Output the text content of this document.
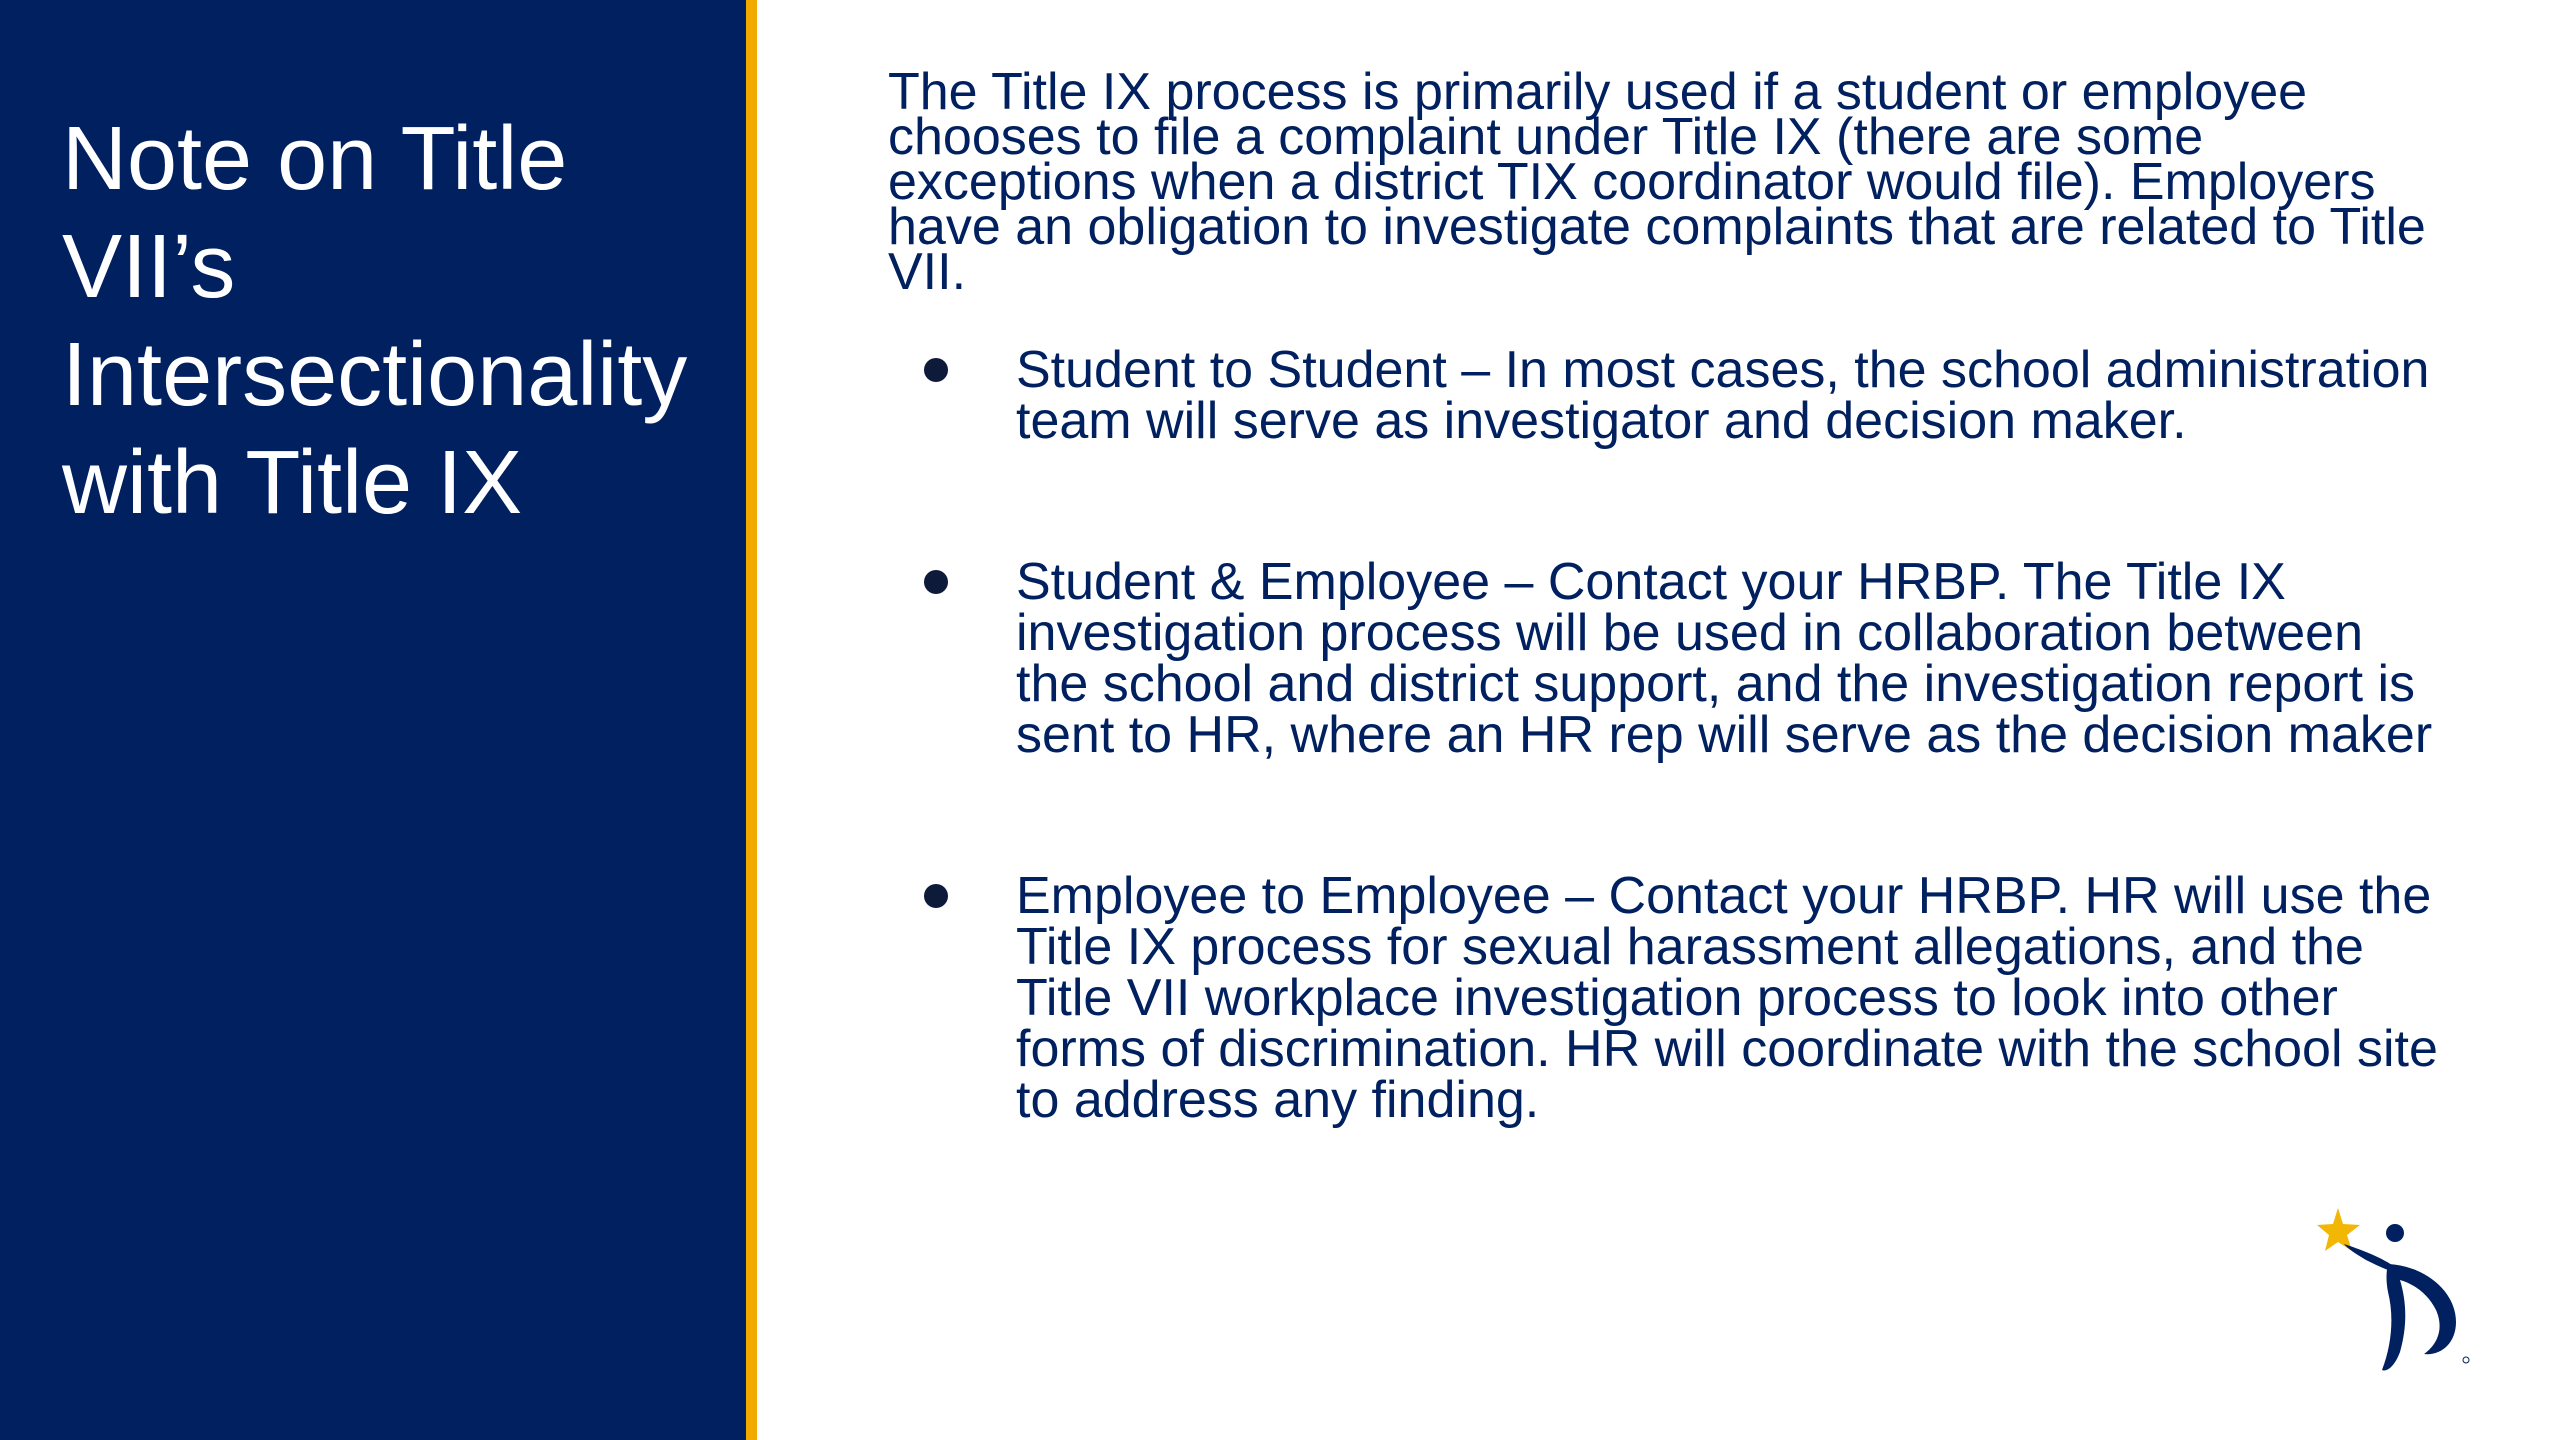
Note on Title VII’s Intersectionality with Title IX

The Title IX process is primarily used if a student or employee chooses to file a complaint under Title IX (there are some exceptions when a district TIX coordinator would file). Employers have an obligation to investigate complaints that are related to Title VII.

Student to Student – In most cases, the school administration team will serve as investigator and decision maker.
Student & Employee – Contact your HRBP. The Title IX investigation process will be used in collaboration between the school and district support, and the investigation report is sent to HR, where an HR rep will serve as the decision maker
Employee to Employee – Contact your HRBP. HR will use the Title IX process for sexual harassment allegations, and the Title VII workplace investigation process to look into other forms of discrimination. HR will coordinate with the school site to address any finding.
